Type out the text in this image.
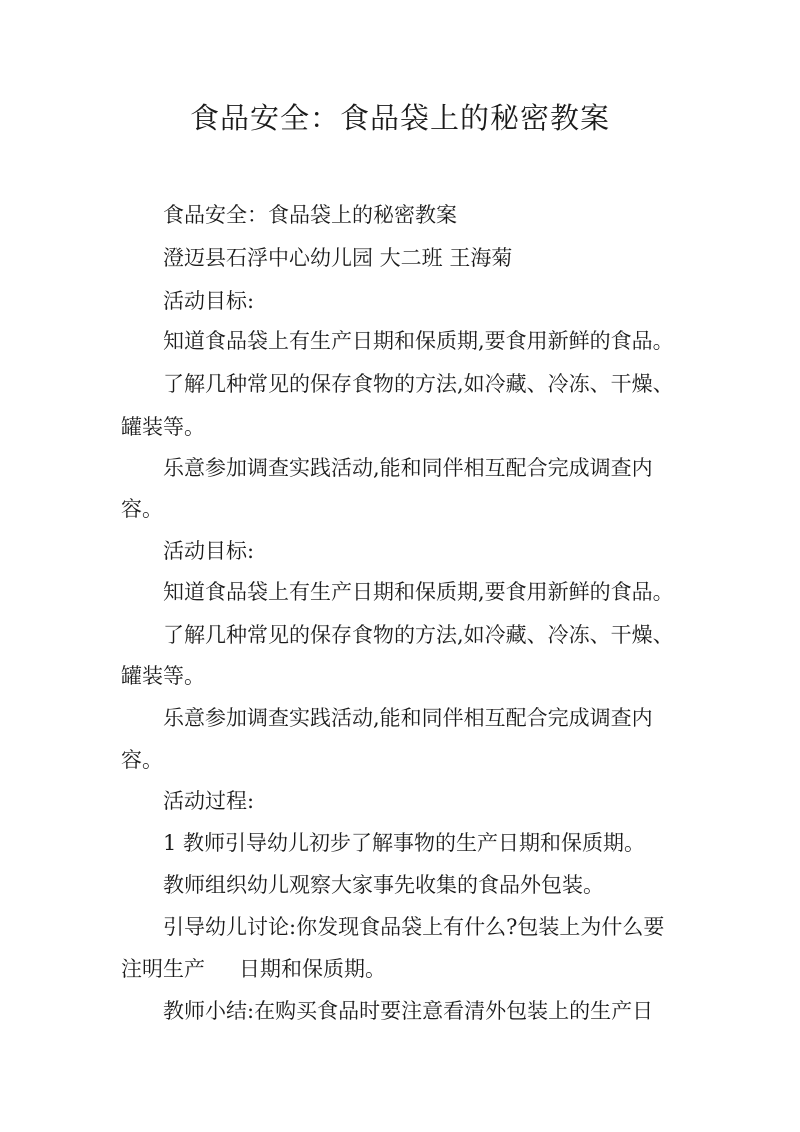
食品安全：食品袋上的秘密教案
食品安全：食品袋上的秘密教案
澄迈县石浮中心幼儿园 大二班 王海菊
活动目标:
知道食品袋上有生产日期和保质期,要食用新鲜的食品。
了解几种常见的保存食物的方法,如冷藏、冷冻、干燥、
罐装等。
乐意参加调查实践活动,能和同伴相互配合完成调查内
容。
活动目标:
知道食品袋上有生产日期和保质期,要食用新鲜的食品。
了解几种常见的保存食物的方法,如冷藏、冷冻、干燥、
罐装等。
乐意参加调查实践活动,能和同伴相互配合完成调查内
容。
活动过程:
1 教师引导幼儿初步了解事物的生产日期和保质期。
教师组织幼儿观察大家事先收集的食品外包装。
引导幼儿讨论:你发现食品袋上有什么?包装上为什么要
注明生产 日期和保质期。
教师小结:在购买食品时要注意看清外包装上的生产日
